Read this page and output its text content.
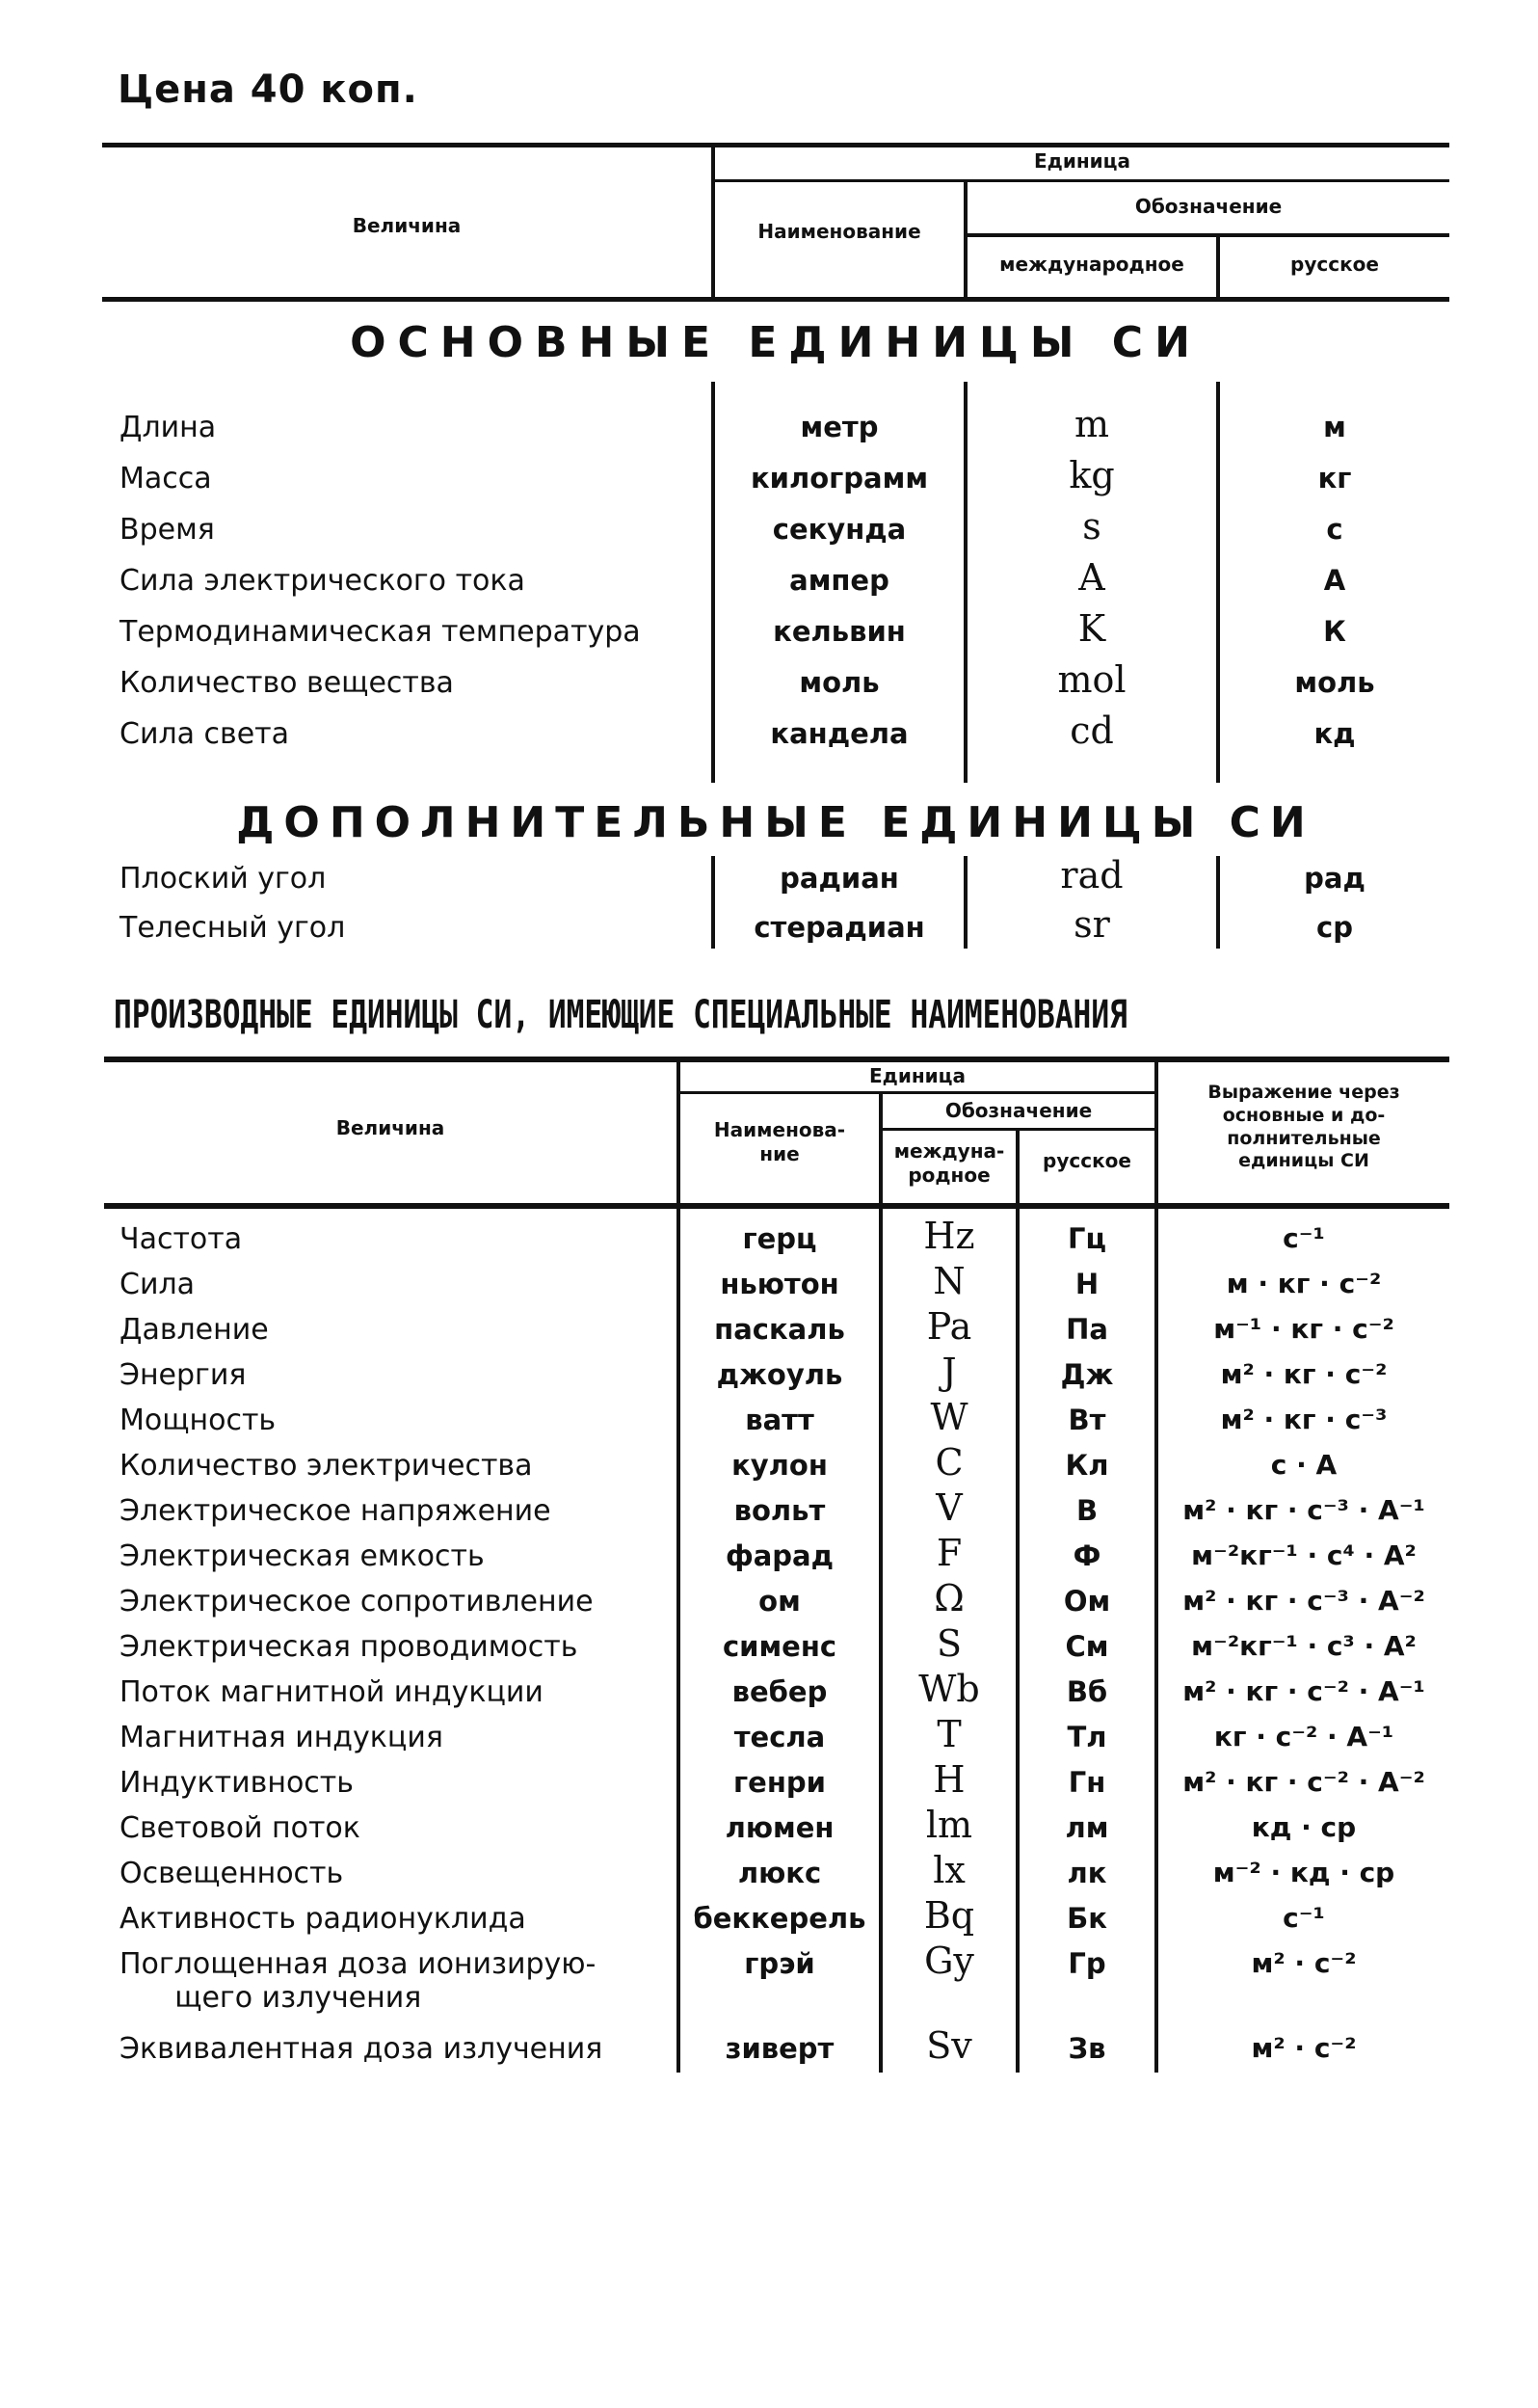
Цена 40 коп.
Величина
Единица
Наименование
Обозначение
международное	русское
ОСНОВНЫЕ ЕДИНИЦЫ СИ
Длина	метр	m	м
Масса	килограмм	kg	кг
Время	секунда	s	с
Сила электрического тока	ампер	A	А
Термодинамическая температура	кельвин	K	К
Количество вещества	моль	mol	моль
Сила света	кандела	cd	кд
ДОПОЛНИТЕЛЬНЫЕ ЕДИНИЦЫ СИ
Плоский угол	радиан	rad	рад
Телесный угол	стерадиан	sr	ср
ПРОИЗВОДНЫЕ ЕДИНИЦЫ СИ, ИМЕЮЩИЕ СПЕЦИАЛЬНЫЕ НАИМЕНОВАНИЯ
Величина
Единица
Наименова-
ние
Обозначение
междуна-
родное
русское
Выражение через
основные и до-
полнительные
единицы СИ
Частота	герц	Hz	Гц	с⁻¹
Сила	ньютон	N	Н	м · кг · с⁻²
Давление	паскаль	Pa	Па	м⁻¹ · кг · с⁻²
Энергия	джоуль	J	Дж	м² · кг · с⁻²
Мощность	ватт	W	Вт	м² · кг · с⁻³
Количество электричества	кулон	C	Кл	с · А
Электрическое напряжение	вольт	V	В	м² · кг · с⁻³ · А⁻¹
Электрическая емкость	фарад	F	Ф	м⁻²кг⁻¹ · с⁴ · А²
Электрическое сопротивление	ом	Ω	Ом	м² · кг · с⁻³ · А⁻²
Электрическая проводимость	сименс	S	См	м⁻²кг⁻¹ · с³ · А²
Поток магнитной индукции	вебер	Wb	Вб	м² · кг · с⁻² · А⁻¹
Магнитная индукция	тесла	T	Тл	кг · с⁻² · А⁻¹
Индуктивность	генри	H	Гн	м² · кг · с⁻² · А⁻²
Световой поток	люмен	lm	лм	кд · ср
Освещенность	люкс	lx	лк	м⁻² · кд · ср
Активность радионуклида	беккерель	Bq	Бк	с⁻¹
Поглощенная доза ионизирую-
щего излучения
грэй	Gy	Гр	м² · с⁻²
Эквивалентная доза излучения	зиверт	Sv	Зв	м² · с⁻²
